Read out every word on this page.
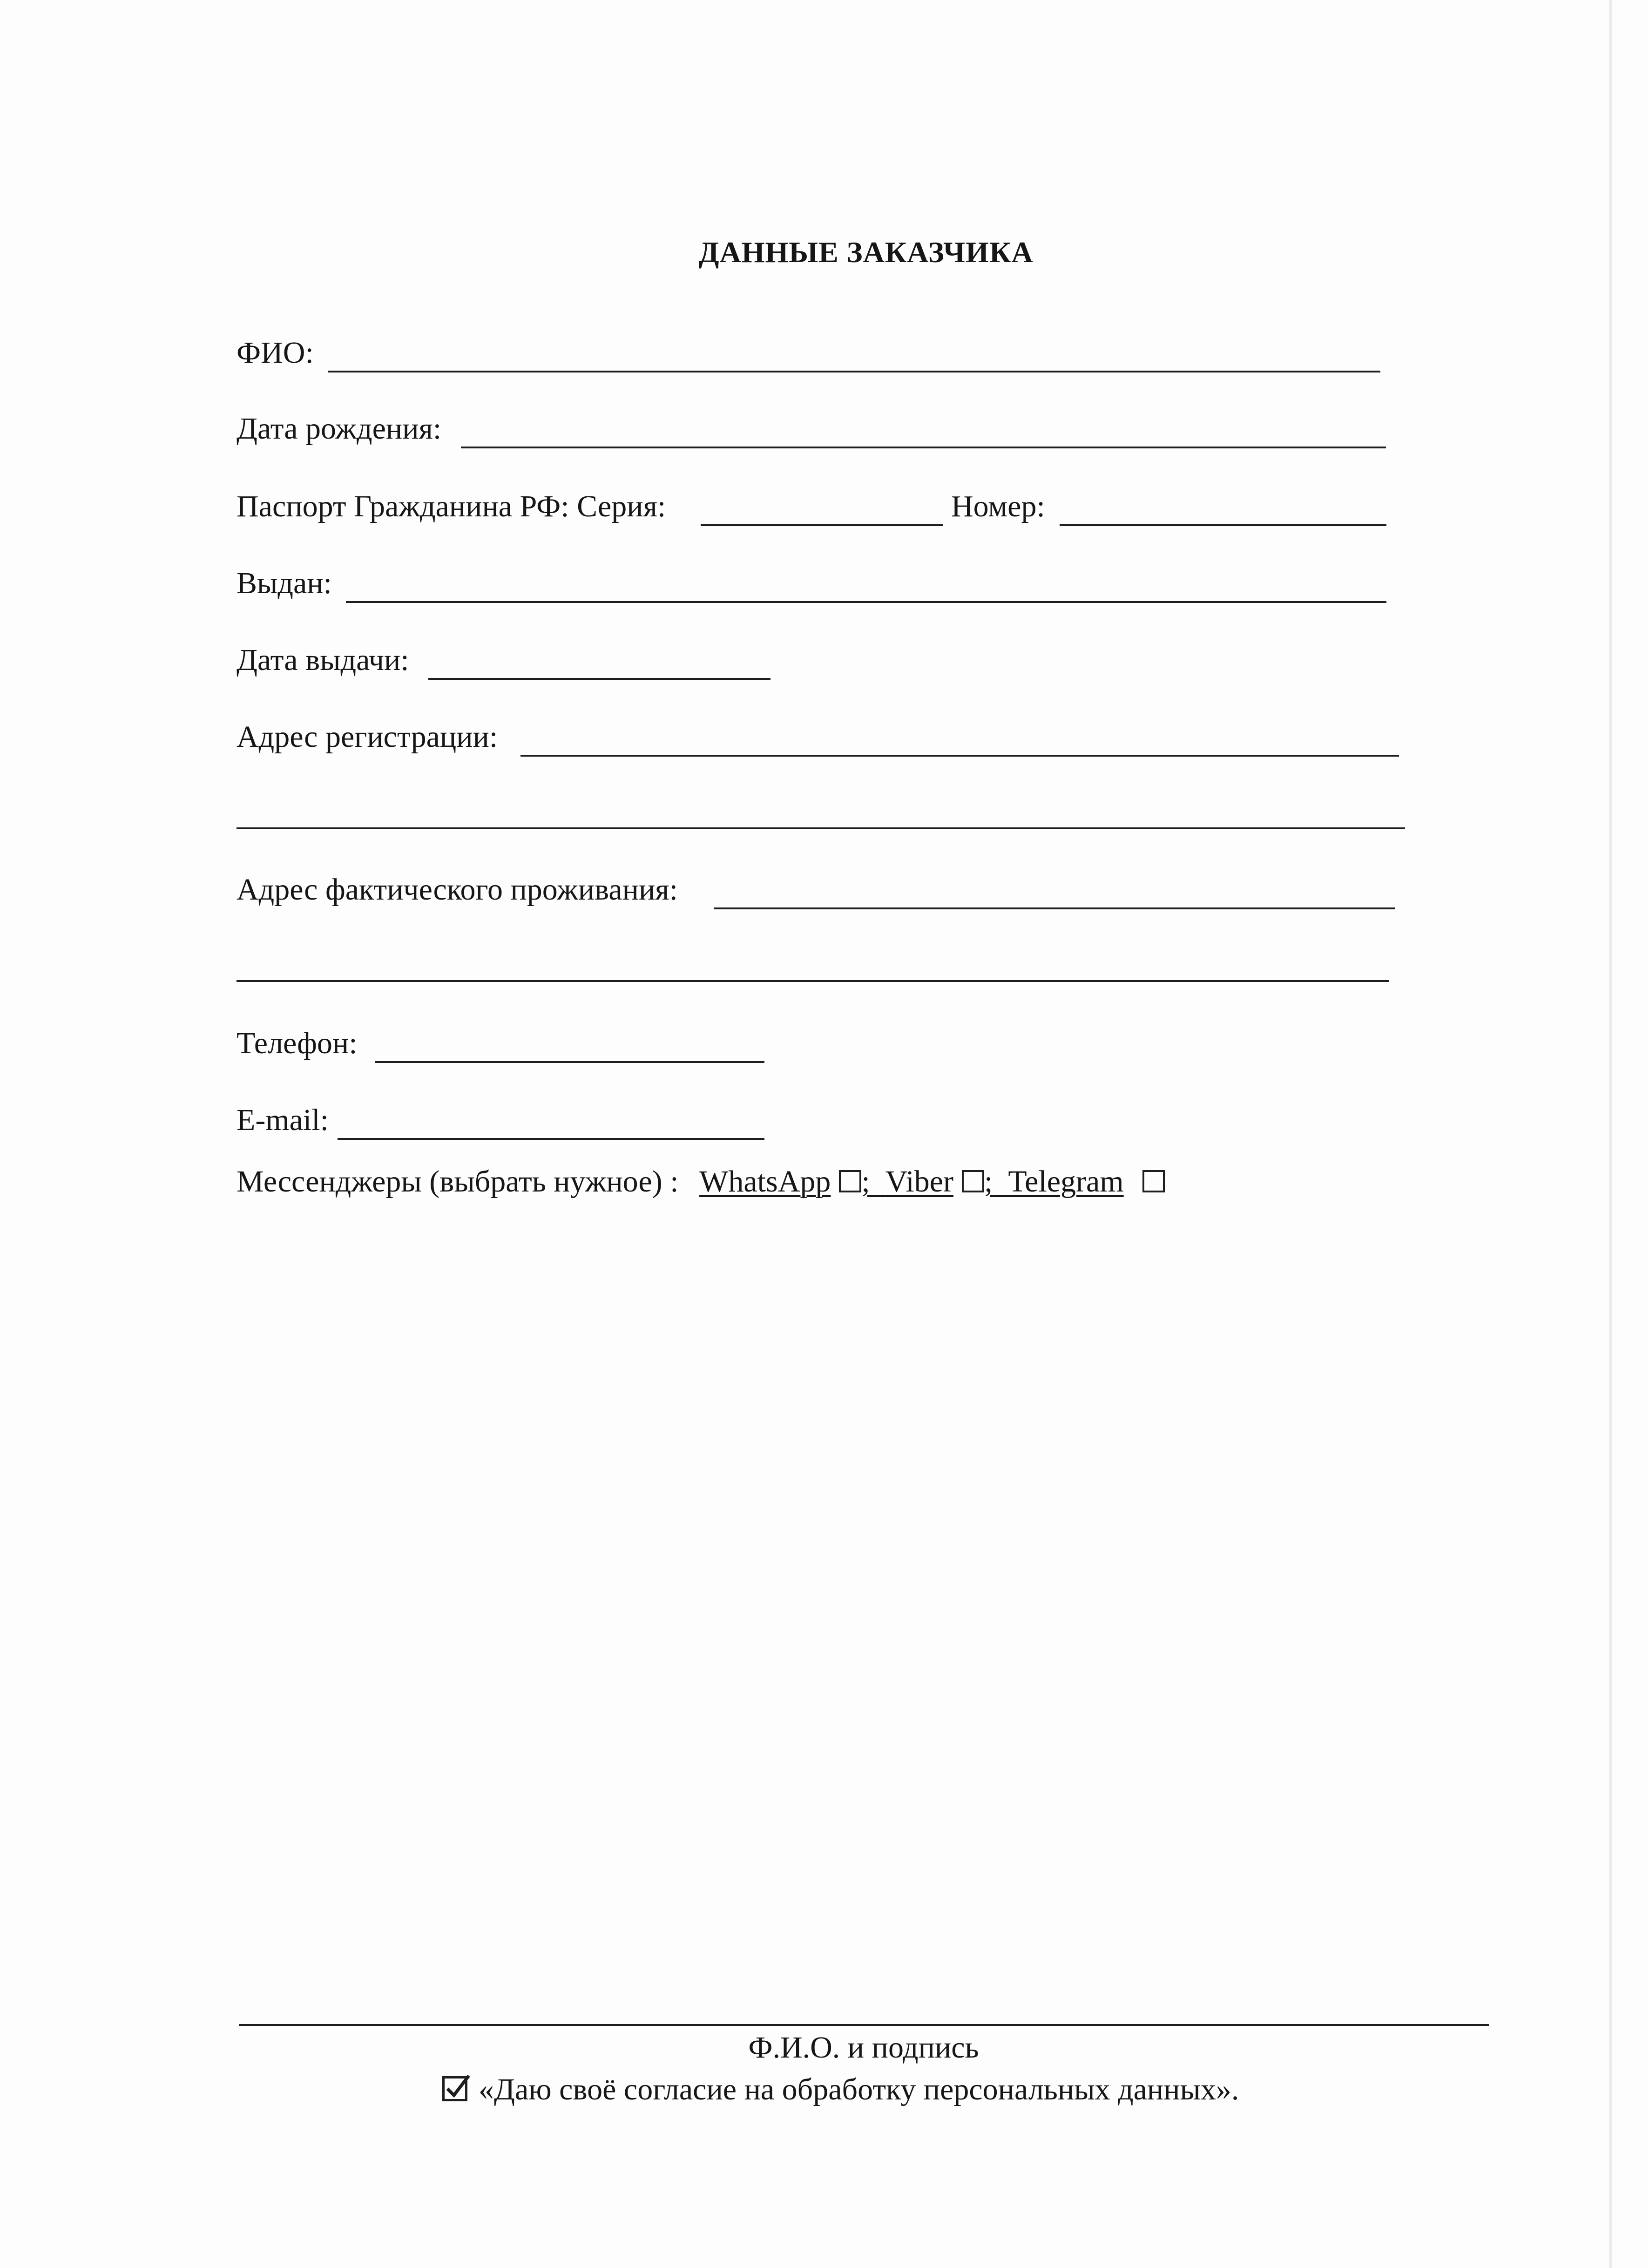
ДАННЫЕ ЗАКАЗЧИКА
ФИО:
Дата рождения:
Паспорт Гражданина РФ: Серия:	Номер:
Выдан:
Дата выдачи:
Адрес регистрации:
Адрес фактического проживания:
Телефон:
E-mail:
Мессенджеры (выбрать нужное) : WhatsApp ; Viber ; Telegram
Ф.И.О. и подпись
«Даю своё согласие на обработку персональных данных».
